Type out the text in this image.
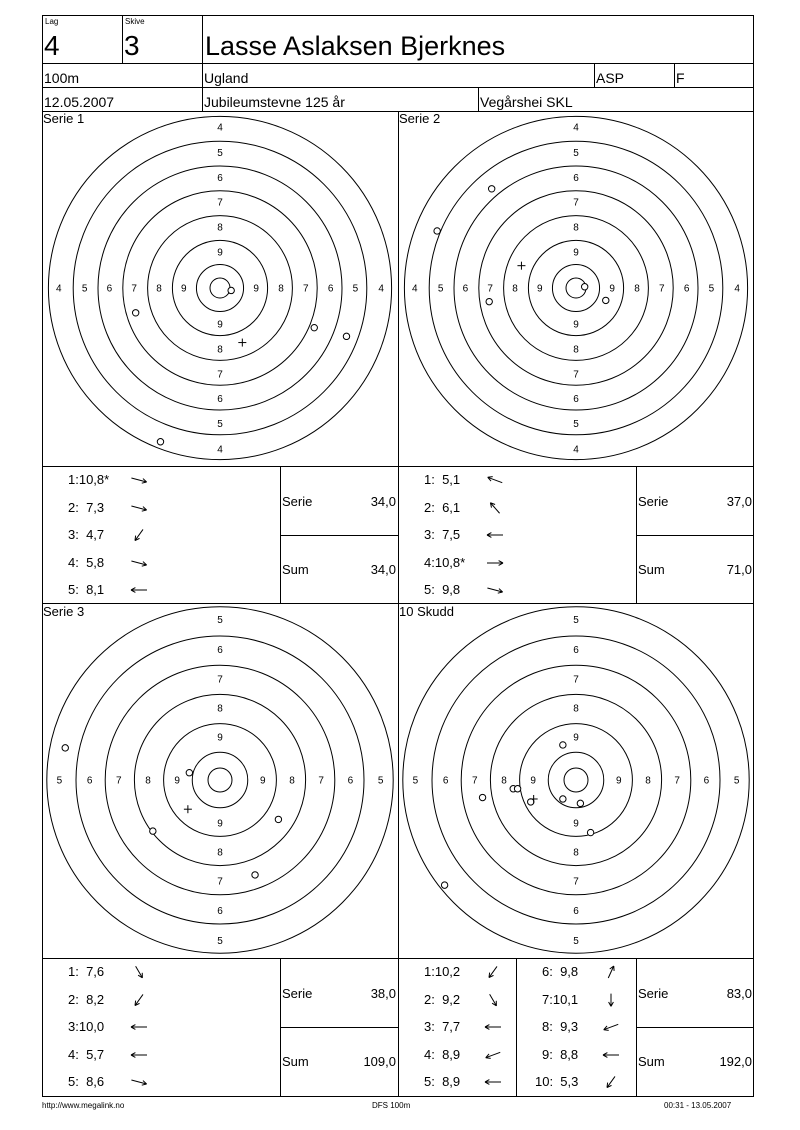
Lag
4
Skive
3 Lasse Aslaksen Bjerknes
100m	Ugland	ASP	F
12.05.2007	Jubileumstevne 125 år	Vegårshei SKL
Serie 1	Serie 2
Serie 3	10 Skudd
4
4
4	4
5
5
5	5
6
6
6	6
7
7
7	7
8
8
8	8
9
9
9	9
4
4
4	4
5
5
5	5
6
6
6	6
7
7
7	7
8
8
8	8
9
9
9	9
5
5
5	5
6
6
6	6
7
7
7	7
8
8
8	8
9
9
9	9
5
5
5	5
6
6
6	6
7
7
7	7
8
8
8	8
9
9
9	9
1:10,8*
2:  7,3
3:  4,7
4:  5,8
5:  8,1
Serie	34,0
Sum	34,0
1:  5,1
2:  6,1
3:  7,5
4:10,8*
5:  9,8
Serie	37,0
Sum	71,0
1:  7,6
2:  8,2
3:10,0
4:  5,7
5:  8,6
Serie	38,0
Sum	109,0
1:10,2
2:  9,2
3:  7,7
4:  8,9
5:  8,9
6:  9,8
7:10,1
8:  9,3
9:  8,8
10:  5,3
Serie	83,0
Sum	192,0
http://www.megalink.no	DFS 100m	00:31 - 13.05.2007
